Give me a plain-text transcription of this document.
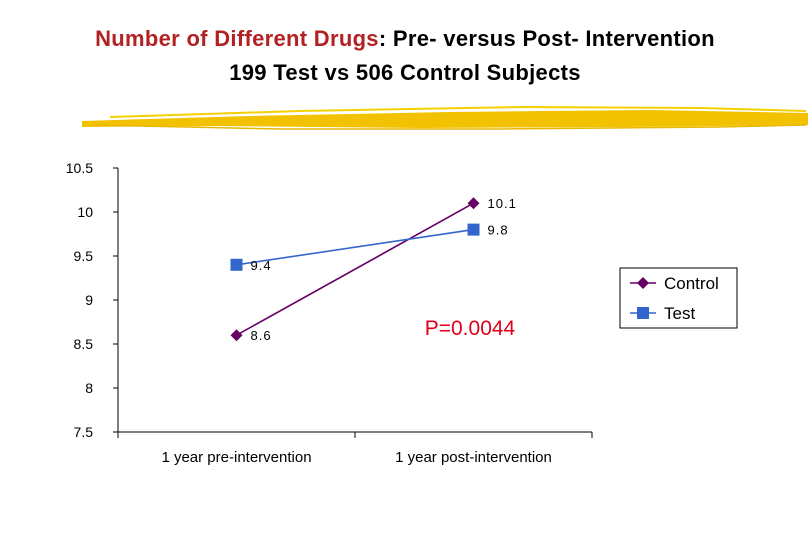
Number of Different Drugs: Pre- versus Post- Intervention
199 Test vs 506 Control Subjects
7.5
8
8.5
9
9.5
10
10.5
1 year pre-intervention	1 year post-intervention
8.6
10.1
9.4
9.8
P=0.0044
Control
Test
